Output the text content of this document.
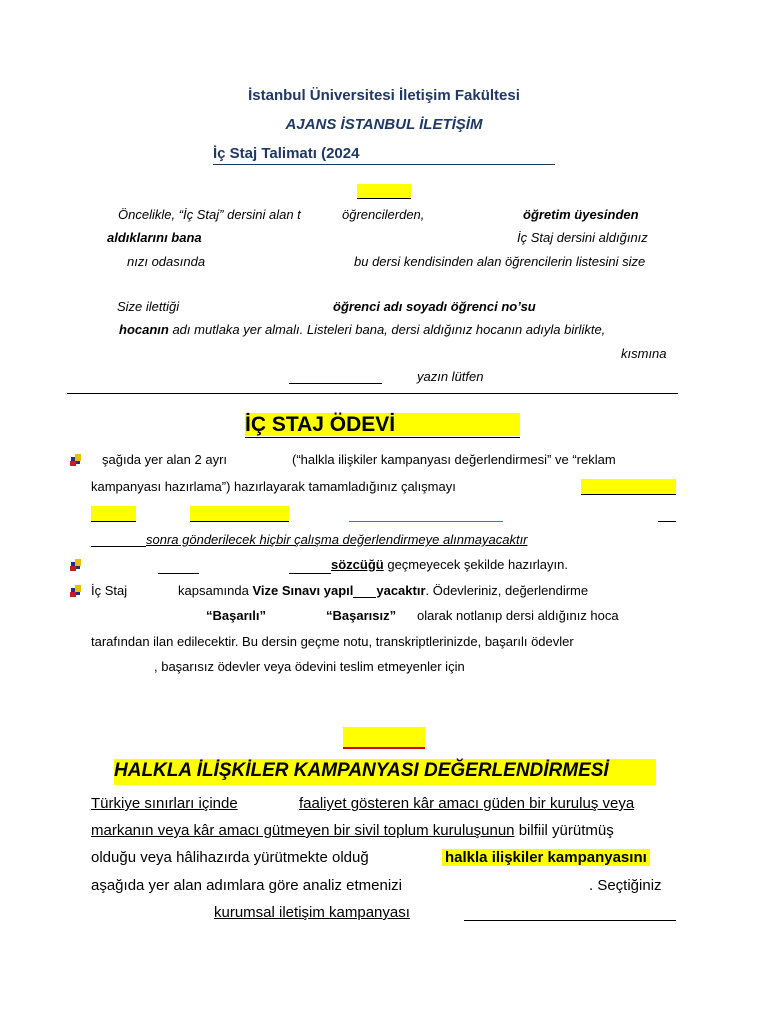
İstanbul Üniversitesi İletişim Fakültesi
AJANS İSTANBUL İLETİŞİM
İç Staj Talimatı (2024
Öncelikle, “İç Staj” dersini alan t	öğrencilerden,	öğretim üyesinden
aldıklarını bana	İç Staj dersini aldığınız
nızı odasında	bu dersi kendisinden alan öğrencilerin listesini size
Size ilettiği	öğrenci adı soyadı öğrenci no’su
hocanın adı mutlaka yer almalı. Listeleri bana, dersi aldığınız hocanın adıyla birlikte,
kısmına
yazın lütfen
İÇ STAJ ÖDEVİ
şağıda yer alan 2 ayrı	(“halkla ilişkiler kampanyası değerlendirmesi” ve “reklam
kampanyası hazırlama”) hazırlayarak tamamladığınız çalışmayı
sonra gönderilecek hiçbir çalışma değerlendirmeye alınmayacaktır
sözcüğü geçmeyecek şekilde hazırlayın.
İç Staj	kapsamında Vize Sınavı yapıl yacaktır. Ödevleriniz, değerlendirme
“Başarılı”	“Başarısız” olarak notlanıp dersi aldığınız hoca
tarafından ilan edilecektir. Bu dersin geçme notu, transkriptlerinizde, başarılı ödevler
, başarısız ödevler veya ödevini teslim etmeyenler için
HALKLA İLİŞKİLER KAMPANYASI DEĞERLENDİRMESİ
Türkiye sınırları içinde	faaliyet gösteren kâr amacı güden bir kuruluş veya
markanın veya kâr amacı gütmeyen bir sivil toplum kuruluşunun bilfiil yürütmüş
olduğu veya hâlihazırda yürütmekte olduğ	halkla ilişkiler kampanyasını
aşağıda yer alan adımlara göre analiz etmenizi	. Seçtiğiniz
kurumsal iletişim kampanyası
